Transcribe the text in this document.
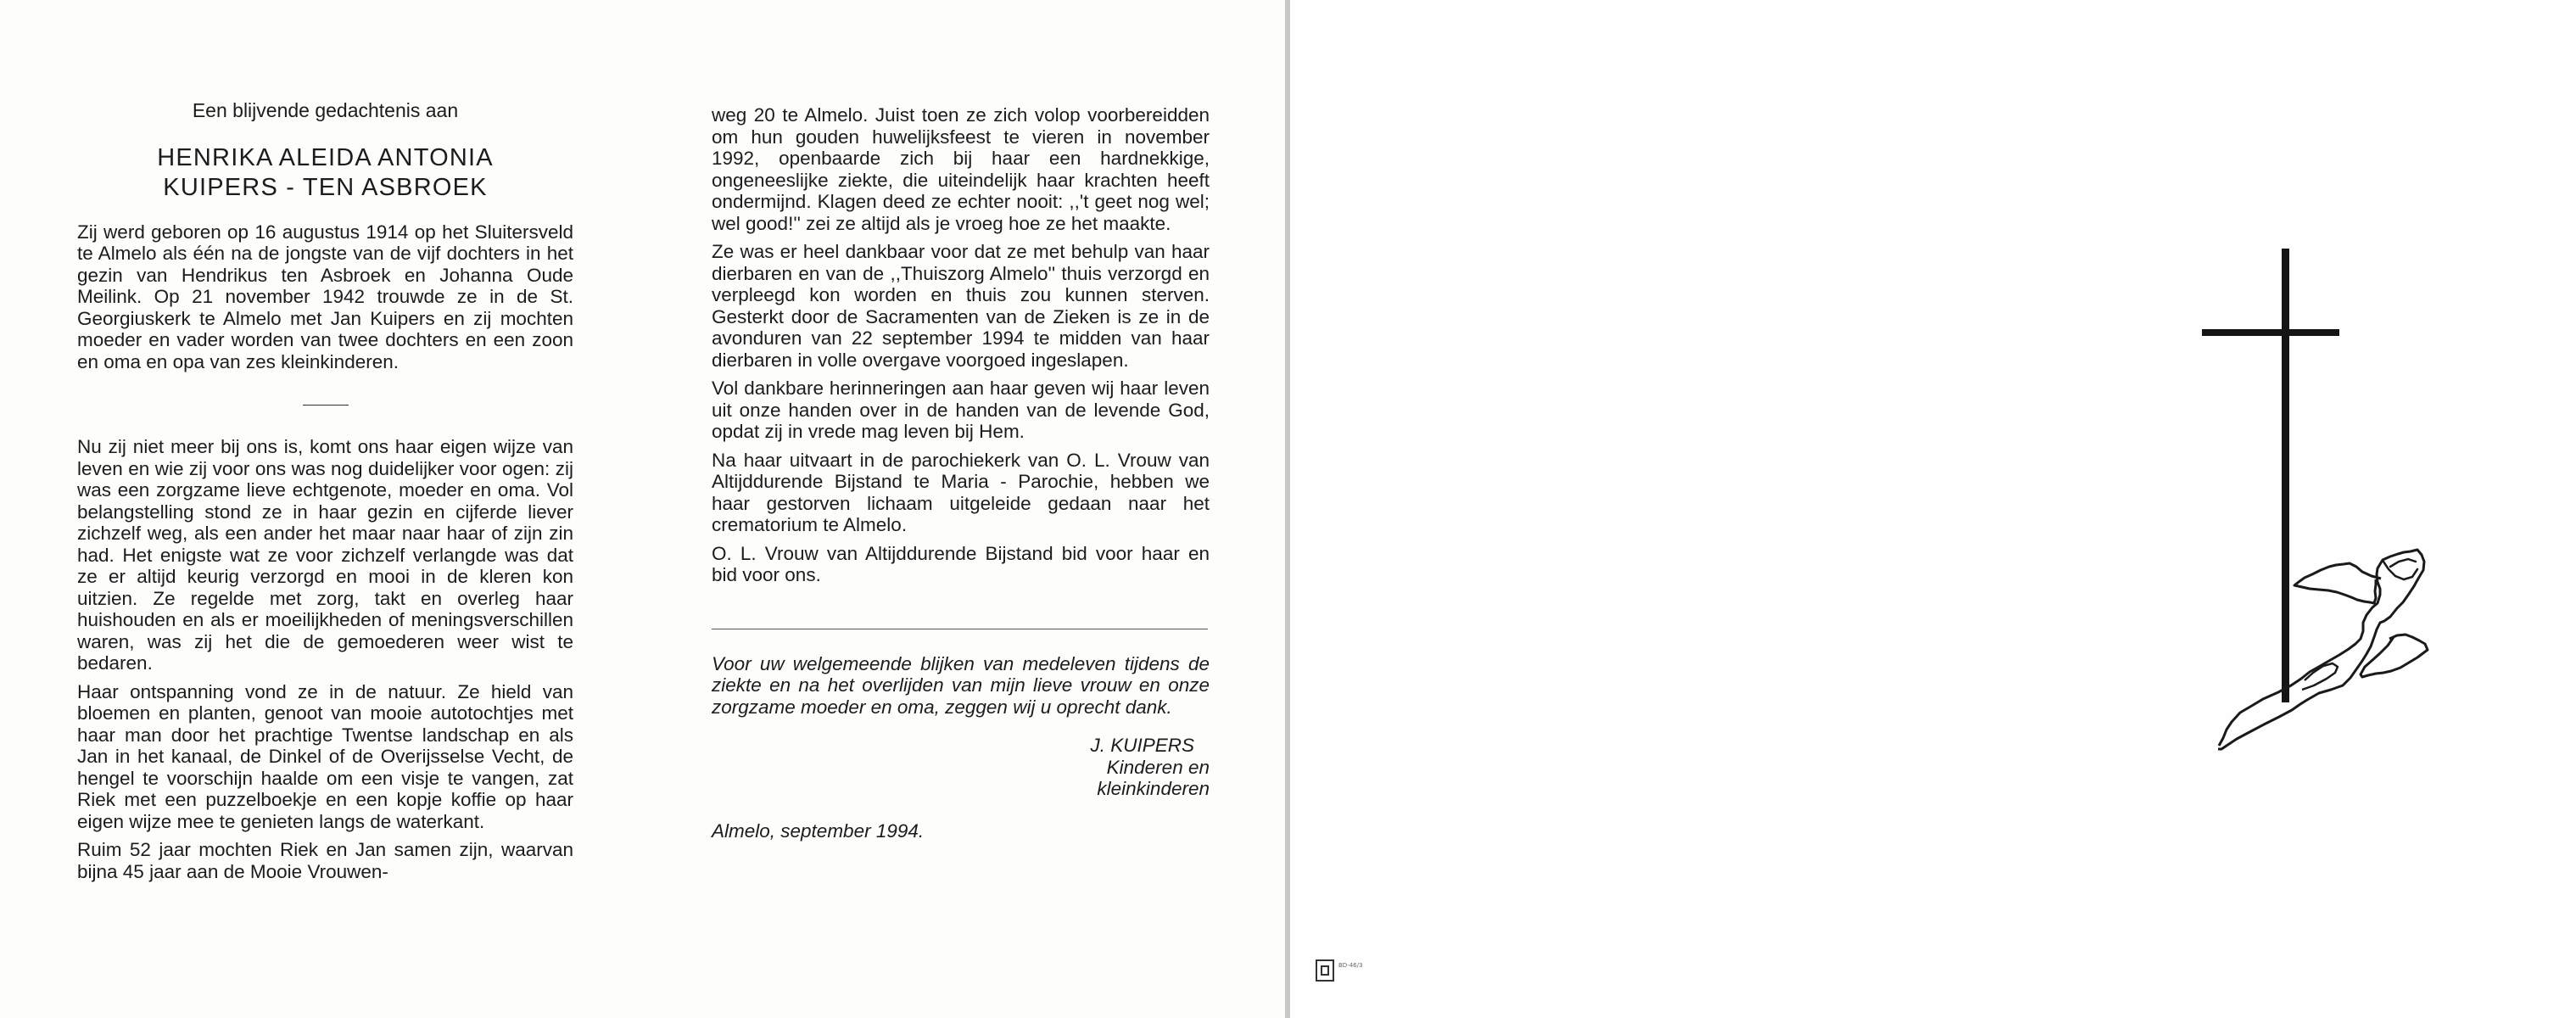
Een blijvende gedachtenis aan

HENRIKA ALEIDA ANTONIA

KUIPERS - TEN ASBROEK

Zij werd geboren op 16 augustus 1914 op het Sluitersveld te Almelo als één na de jongste van de vijf dochters in het gezin van Hendrikus ten Asbroek en Johanna Oude Meilink. Op 21 november 1942 trouwde ze in de St. Georgiuskerk te Almelo met Jan Kuipers en zij mochten moeder en vader worden van twee dochters en een zoon en oma en opa van zes kleinkinderen.

Nu zij niet meer bij ons is, komt ons haar eigen wijze van leven en wie zij voor ons was nog duidelijker voor ogen: zij was een zorgzame lieve echtgenote, moeder en oma. Vol belangstelling stond ze in haar gezin en cijferde liever zichzelf weg, als een ander het maar naar haar of zijn zin had. Het enigste wat ze voor zichzelf verlangde was dat ze er altijd keurig verzorgd en mooi in de kleren kon uitzien. Ze regelde met zorg, takt en overleg haar huishouden en als er moeilijkheden of meningsverschillen waren, was zij het die de gemoederen weer wist te bedaren.

Haar ontspanning vond ze in de natuur. Ze hield van bloemen en planten, genoot van mooie autotochtjes met haar man door het prachtige Twentse landschap en als Jan in het kanaal, de Dinkel of de Overijsselse Vecht, de hengel te voorschijn haalde om een visje te vangen, zat Riek met een puzzelboekje en een kopje koffie op haar eigen wijze mee te genieten langs de waterkant.

Ruim 52 jaar mochten Riek en Jan samen zijn, waarvan bijna 45 jaar aan de Mooie Vrouwen-

weg 20 te Almelo. Juist toen ze zich volop voorbereidden om hun gouden huwelijksfeest te vieren in november 1992, openbaarde zich bij haar een hardnekkige, ongeneeslijke ziekte, die uiteindelijk haar krachten heeft ondermijnd. Klagen deed ze echter nooit: ,,'t geet nog wel; wel good!'' zei ze altijd als je vroeg hoe ze het maakte.

Ze was er heel dankbaar voor dat ze met behulp van haar dierbaren en van de ,,Thuiszorg Almelo'' thuis verzorgd en verpleegd kon worden en thuis zou kunnen sterven. Gesterkt door de Sacramenten van de Zieken is ze in de avonduren van 22 september 1994 te midden van haar dierbaren in volle overgave voorgoed ingeslapen.

Vol dankbare herinneringen aan haar geven wij haar leven uit onze handen over in de handen van de levende God, opdat zij in vrede mag leven bij Hem.

Na haar uitvaart in de parochiekerk van O. L. Vrouw van Altijddurende Bijstand te Maria - Parochie, hebben we haar gestorven lichaam uitgeleide gedaan naar het crematorium te Almelo.

O. L. Vrouw van Altijddurende Bijstand bid voor haar en bid voor ons.

Voor uw welgemeende blijken van medeleven tijdens de ziekte en na het overlijden van mijn lieve vrouw en onze zorgzame moeder en oma, zeggen wij u oprecht dank.

J. KUIPERS

Kinderen en

kleinkinderen

Almelo, september 1994.

BD-46/3
